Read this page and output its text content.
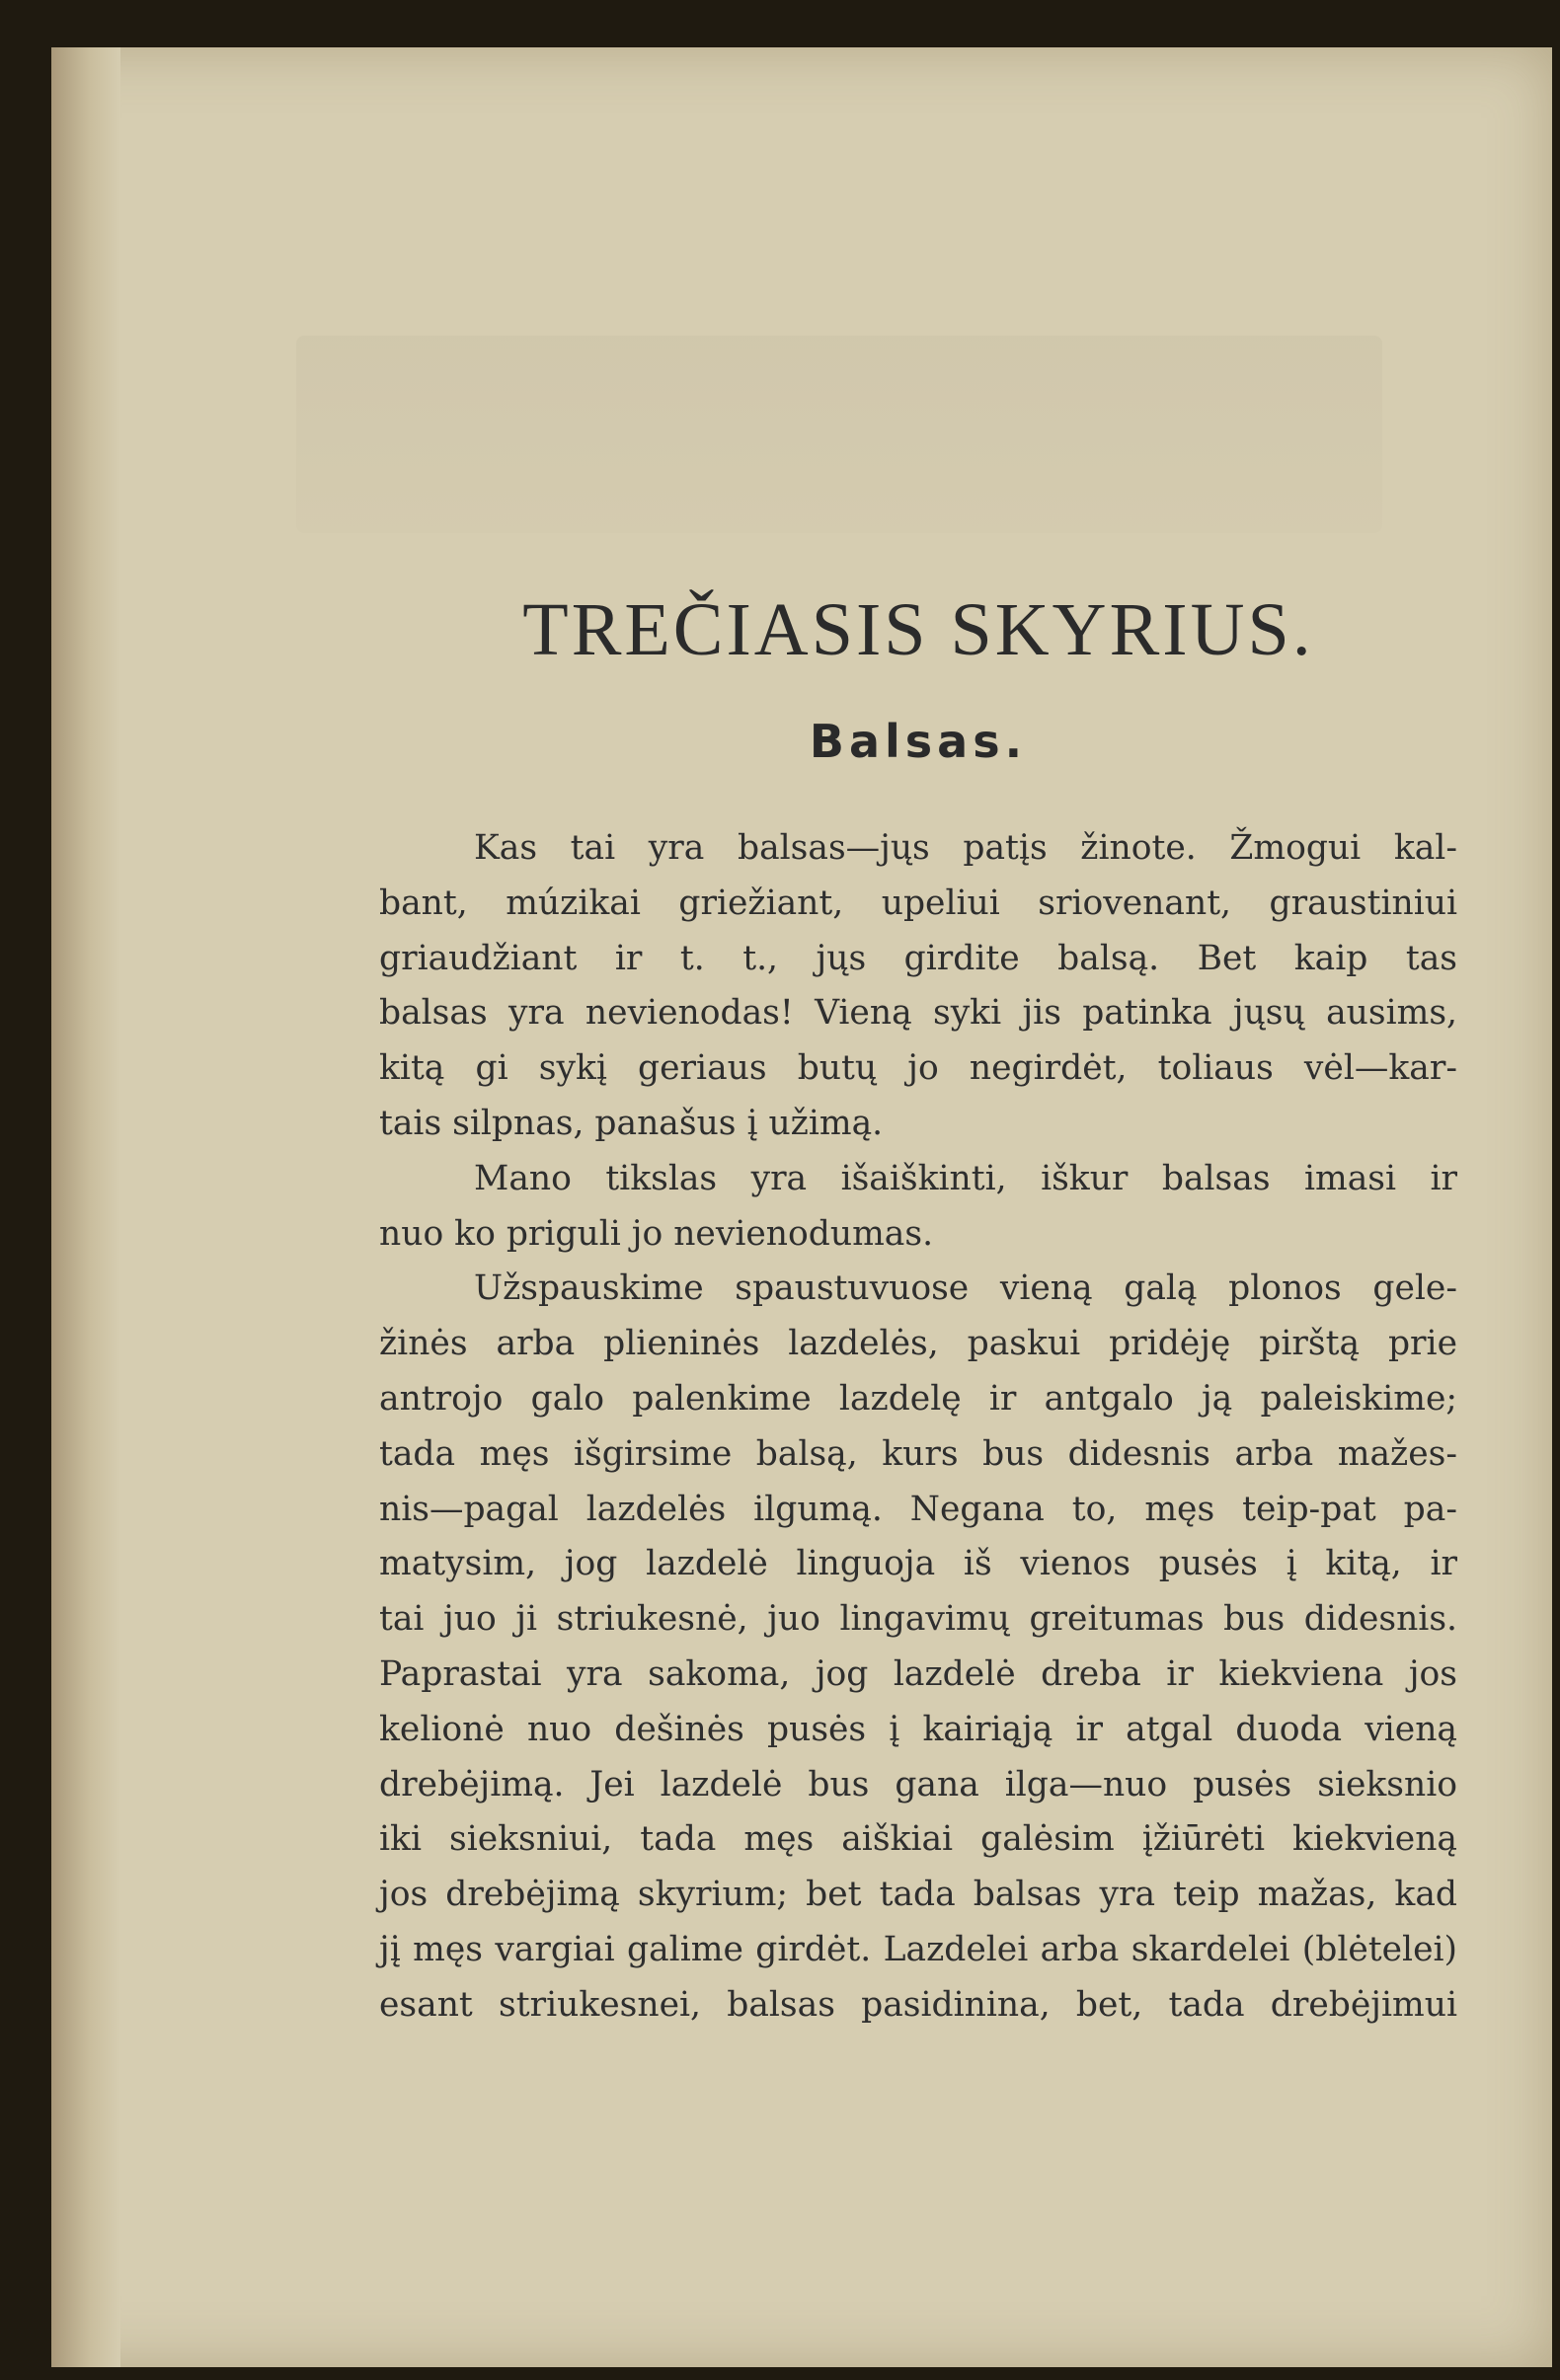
TREČIASIS SKYRIUS.
Balsas.

Kas tai yra balsas—jųs patįs žinote. Žmogui kal-
bant, múzikai griežiant, upeliui sriovenant, graustiniui
griaudžiant ir t. t., jųs girdite balsą. Bet kaip tas
balsas yra nevienodas! Vieną syki jis patinka jųsų ausims,
kitą gi sykį geriaus butų jo negirdėt, toliaus vėl—kar-
tais silpnas, panašus į užimą.

Mano tikslas yra išaiškinti, iškur balsas imasi ir
nuo ko priguli jo nevienodumas.

Užspauskime spaustuvuose vieną galą plonos gele-
žinės arba plieninės lazdelės, paskui pridėję pirštą prie
antrojo galo palenkime lazdelę ir antgalo ją paleiskime;
tada męs išgirsime balsą, kurs bus didesnis arba mažes-
nis—pagal lazdelės ilgumą. Negana to, męs teip-pat pa-
matysim, jog lazdelė linguoja iš vienos pusės į kitą, ir
tai juo ji striukesnė, juo lingavimų greitumas bus didesnis.
Paprastai yra sakoma, jog lazdelė dreba ir kiekviena jos
kelionė nuo dešinės pusės į kairiąją ir atgal duoda vieną
drebėjimą. Jei lazdelė bus gana ilga—nuo pusės sieksnio
iki sieksniui, tada męs aiškiai galėsim įžiūrėti kiekvieną
jos drebėjimą skyrium; bet tada balsas yra teip mažas, kad
jį męs vargiai galime girdėt. Lazdelei arba skardelei (blėtelei)
esant striukesnei, balsas pasidinina, bet, tada drebėjimui
